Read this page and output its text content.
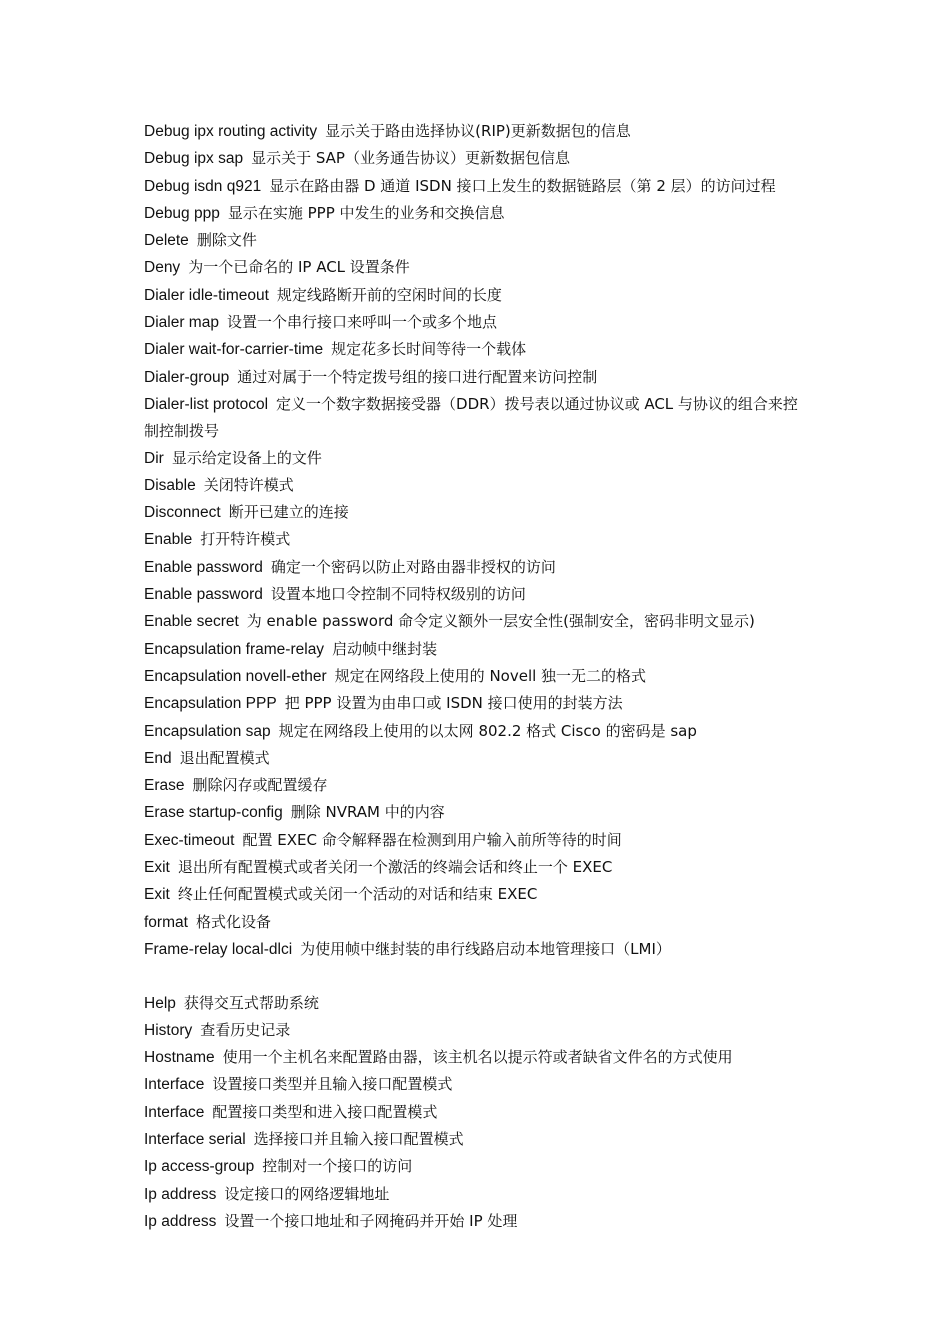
Debug ipx routing activity 显示关于路由选择协议(RIP)更新数据包的信息

Debug ipx sap 显示关于 SAP（业务通告协议）更新数据包信息

Debug isdn q921 显示在路由器 D 通道 ISDN 接口上发生的数据链路层（第 2 层）的访问过程

Debug ppp 显示在实施 PPP 中发生的业务和交换信息

Delete 删除文件

Deny 为一个已命名的 IP ACL 设置条件

Dialer idle-timeout 规定线路断开前的空闲时间的长度

Dialer map 设置一个串行接口来呼叫一个或多个地点

Dialer wait-for-carrier-time 规定花多长时间等待一个载体

Dialer-group 通过对属于一个特定拨号组的接口进行配置来访问控制

Dialer-list protocol 定义一个数字数据接受器（DDR）拨号表以通过协议或 ACL 与协议的组合来控制控制拨号

Dir 显示给定设备上的文件

Disable 关闭特许模式

Disconnect 断开已建立的连接

Enable 打开特许模式

Enable password 确定一个密码以防止对路由器非授权的访问

Enable password 设置本地口令控制不同特权级别的访问

Enable secret 为 enable password 命令定义额外一层安全性(强制安全，密码非明文显示)

Encapsulation frame-relay 启动帧中继封装

Encapsulation novell-ether 规定在网络段上使用的 Novell 独一无二的格式

Encapsulation PPP 把 PPP 设置为由串口或 ISDN 接口使用的封装方法

Encapsulation sap 规定在网络段上使用的以太网 802.2 格式 Cisco 的密码是 sap

End 退出配置模式

Erase 删除闪存或配置缓存

Erase startup-config 删除 NVRAM 中的内容

Exec-timeout 配置 EXEC 命令解释器在检测到用户输入前所等待的时间

Exit 退出所有配置模式或者关闭一个激活的终端会话和终止一个 EXEC

Exit 终止任何配置模式或关闭一个活动的对话和结束 EXEC

format 格式化设备

Frame-relay local-dlci 为使用帧中继封装的串行线路启动本地管理接口（LMI）

Help 获得交互式帮助系统

History 查看历史记录

Hostname 使用一个主机名来配置路由器，该主机名以提示符或者缺省文件名的方式使用

Interface 设置接口类型并且输入接口配置模式

Interface 配置接口类型和进入接口配置模式

Interface serial 选择接口并且输入接口配置模式

Ip access-group 控制对一个接口的访问

Ip address 设定接口的网络逻辑地址

Ip address 设置一个接口地址和子网掩码并开始 IP 处理
